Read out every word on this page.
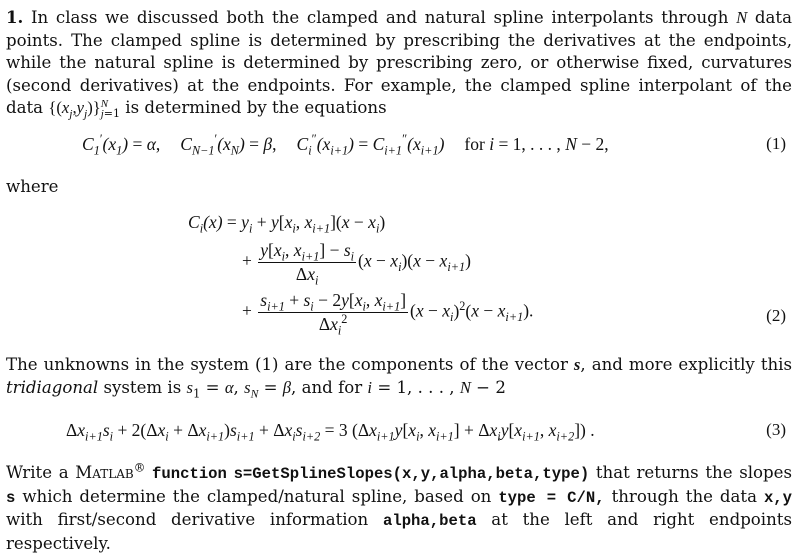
1. In class we discussed both the clamped and natural spline interpolants through N data points. The clamped spline is determined by prescribing the derivatives at the endpoints, while the natural spline is determined by prescribing zero, or otherwise fixed, curvatures (second derivatives) at the endpoints. For example, the clamped spline interpolant of the data $\{(x_j,y_j)\}N$
j=1 is determined by the equations

$C_1'(x_1) = \alpha$, $C_{N-1}'(x_N) = \beta$, $C_i''(x_{i+1}) = C_{i+1}''(x_{i+1})$ for i = 1, . . . , N − 2,	(1)

where

$C_i(x) = y_i + y[x_i$, $x_{i+1}](x - x_i)$
+ $\frac{y[x_i, x_{i+1}] - s_i}{\Delta x_i} (x - x_i)(x - x_{i+1})$
+ $\frac{s_{i+1} + s_i - 2y[x_i, x_{i+1}]}{\Delta x_i^2} (x - x_i)^2(x - x_{i+1})$.	(2)

The unknowns in the system (1) are the components of the vector s, and more explicitly this tridiagonal system is $s_1 = \alpha$, $s_N = \beta$, and for i = 1, . . . , N − 2

$\Delta x_{i+1}s_i + 2(\Delta x_i + \Delta x_{i+1})s_{i+1} + \Delta x_is_{i+2} = 3$ ($\Delta x_{i+1}y[x_i$, $x_{i+1}] + \Delta x_iy[x_{i+1}$, $x_{i+2}$]) .	(3)

Write a Matlab® function s=GetSplineSlopes(x,y,alpha,beta,type) that returns the slopes s which determine the clamped/natural spline, based on type = C/N, through the data x,y with first/second derivative information alpha,beta at the left and right endpoints respectively.
